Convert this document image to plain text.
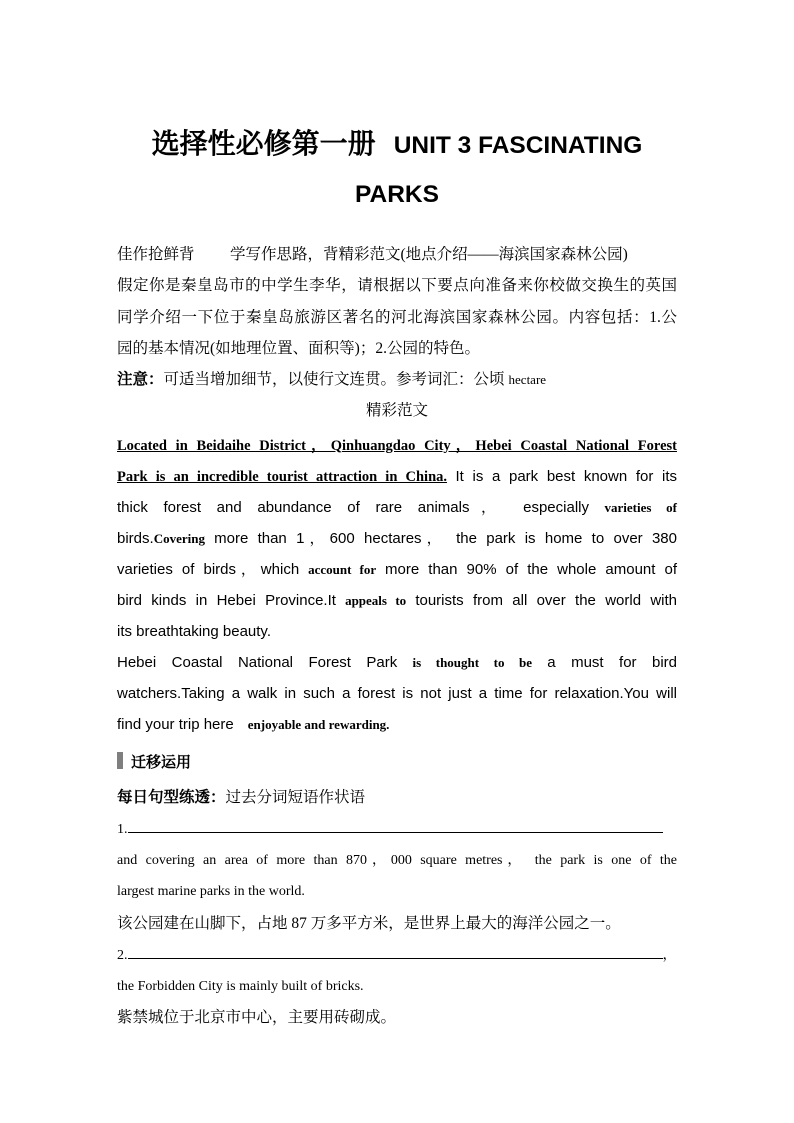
选择性必修第一册 UNIT 3 FASCINATING
PARKS
佳作抢鲜背 学写作思路，背精彩范文(地点介绍——海滨国家森林公园)
假定你是秦皇岛市的中学生李华，请根据以下要点向准备来你校做交换生的英国
同学介绍一下位于秦皇岛旅游区著名的河北海滨国家森林公园。内容包括：1.公
园的基本情况(如地理位置、面积等)；2.公园的特色。
注意：可适当增加细节，以使行文连贯。参考词汇：公顷 hectare
精彩范文
Located in Beidaihe District，Qinhuangdao City，Hebei Coastal National Forest
Park is an incredible tourist attraction in China. It is a park best known for its
thick forest and abundance of rare animals， especially varieties of
birds.Covering more than 1，600 hectares， the park is home to over 380
varieties of birds，which account for more than 90% of the whole amount of
bird kinds in Hebei Province.It appeals to tourists from all over the world with
its breathtaking beauty.
Hebei Coastal National Forest Park is thought to be a must for bird
watchers.Taking a walk in such a forest is not just a time for relaxation.You will
find your trip here enjoyable and rewarding.
迁移运用
每日句型练透：过去分词短语作状语
1.
and covering an area of more than 870，000 square metres， the park is one of the
largest marine parks in the world.
该公园建在山脚下，占地 87 万多平方米，是世界上最大的海洋公园之一。
2.	，
the Forbidden City is mainly built of bricks.
紫禁城位于北京市中心，主要用砖砌成。
